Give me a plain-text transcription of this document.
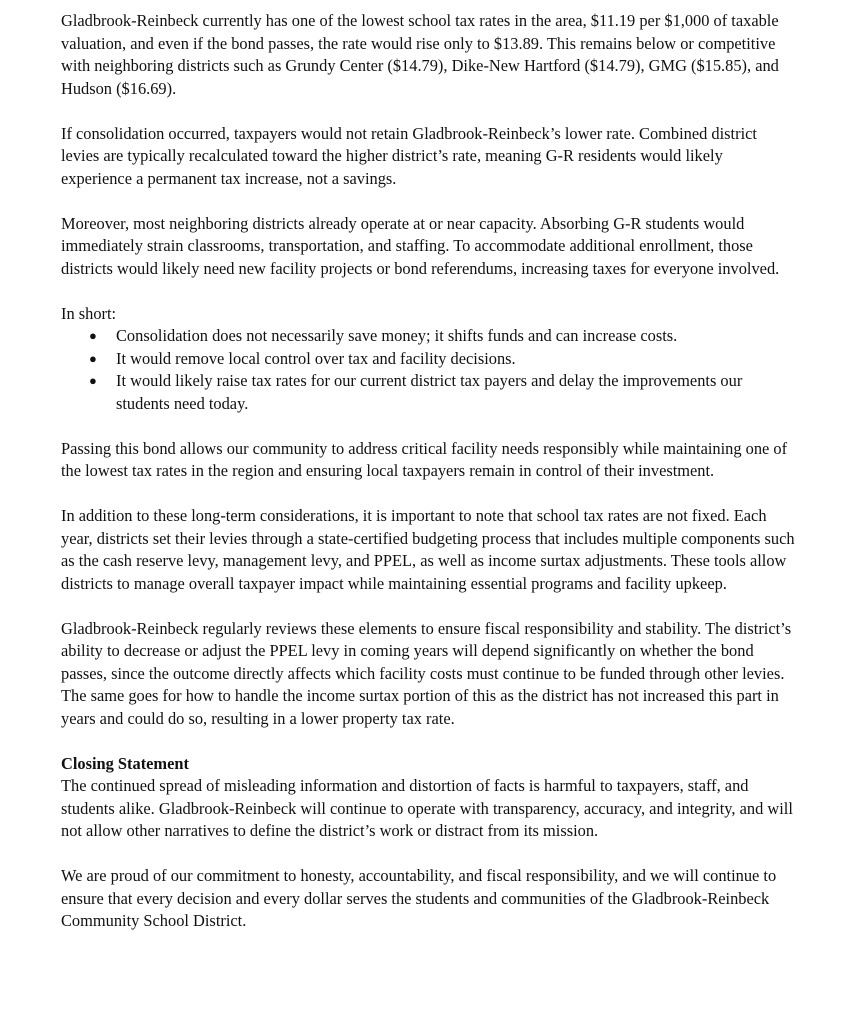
Gladbrook-Reinbeck currently has one of the lowest school tax rates in the area, $11.19 per $1,000 of taxable valuation, and even if the bond passes, the rate would rise only to $13.89. This remains below or competitive with neighboring districts such as Grundy Center ($14.79), Dike-New Hartford ($14.79), GMG ($15.85), and Hudson ($16.69).

If consolidation occurred, taxpayers would not retain Gladbrook-Reinbeck’s lower rate. Combined district levies are typically recalculated toward the higher district’s rate, meaning G-R residents would likely experience a permanent tax increase, not a savings.

Moreover, most neighboring districts already operate at or near capacity. Absorbing G-R students would immediately strain classrooms, transportation, and staffing. To accommodate additional enrollment, those districts would likely need new facility projects or bond referendums, increasing taxes for everyone involved.

In short:

● Consolidation does not necessarily save money; it shifts funds and can increase costs.
● It would remove local control over tax and facility decisions.
● It would likely raise tax rates for our current district tax payers and delay the improvements our students need today.

Passing this bond allows our community to address critical facility needs responsibly while maintaining one of the lowest tax rates in the region and ensuring local taxpayers remain in control of their investment.

In addition to these long-term considerations, it is important to note that school tax rates are not fixed. Each year, districts set their levies through a state-certified budgeting process that includes multiple components such as the cash reserve levy, management levy, and PPEL, as well as income surtax adjustments. These tools allow districts to manage overall taxpayer impact while maintaining essential programs and facility upkeep.

Gladbrook-Reinbeck regularly reviews these elements to ensure fiscal responsibility and stability. The district’s ability to decrease or adjust the PPEL levy in coming years will depend significantly on whether the bond passes, since the outcome directly affects which facility costs must continue to be funded through other levies. The same goes for how to handle the income surtax portion of this as the district has not increased this part in years and could do so, resulting in a lower property tax rate.

Closing Statement

The continued spread of misleading information and distortion of facts is harmful to taxpayers, staff, and students alike. Gladbrook-Reinbeck will continue to operate with transparency, accuracy, and integrity, and will not allow other narratives to define the district’s work or distract from its mission.

We are proud of our commitment to honesty, accountability, and fiscal responsibility, and we will continue to ensure that every decision and every dollar serves the students and communities of the Gladbrook-Reinbeck Community School District.
